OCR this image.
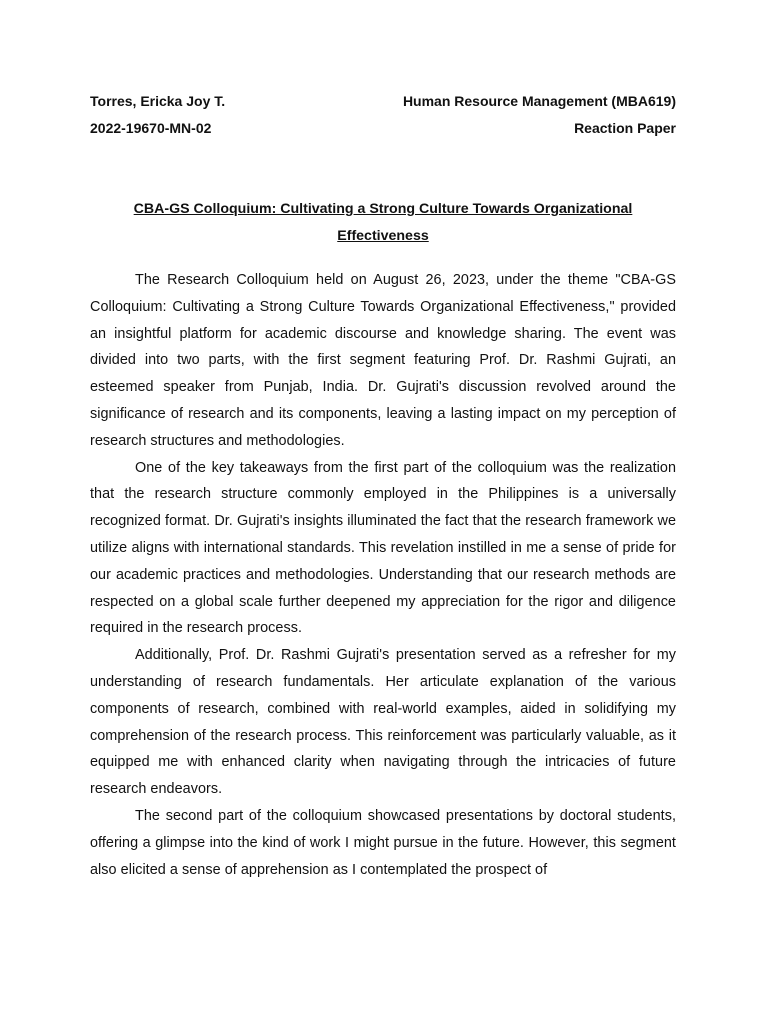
Torres, Ericka Joy T.	Human Resource Management (MBA619)
2022-19670-MN-02	Reaction Paper
CBA-GS Colloquium: Cultivating a Strong Culture Towards Organizational Effectiveness

The Research Colloquium held on August 26, 2023, under the theme "CBA-GS Colloquium: Cultivating a Strong Culture Towards Organizational Effectiveness," provided an insightful platform for academic discourse and knowledge sharing. The event was divided into two parts, with the first segment featuring Prof. Dr. Rashmi Gujrati, an esteemed speaker from Punjab, India. Dr. Gujrati's discussion revolved around the significance of research and its components, leaving a lasting impact on my perception of research structures and methodologies.

One of the key takeaways from the first part of the colloquium was the realization that the research structure commonly employed in the Philippines is a universally recognized format. Dr. Gujrati's insights illuminated the fact that the research framework we utilize aligns with international standards. This revelation instilled in me a sense of pride for our academic practices and methodologies. Understanding that our research methods are respected on a global scale further deepened my appreciation for the rigor and diligence required in the research process.

Additionally, Prof. Dr. Rashmi Gujrati's presentation served as a refresher for my understanding of research fundamentals. Her articulate explanation of the various components of research, combined with real-world examples, aided in solidifying my comprehension of the research process. This reinforcement was particularly valuable, as it equipped me with enhanced clarity when navigating through the intricacies of future research endeavors.

The second part of the colloquium showcased presentations by doctoral students, offering a glimpse into the kind of work I might pursue in the future. However, this segment also elicited a sense of apprehension as I contemplated the prospect of
